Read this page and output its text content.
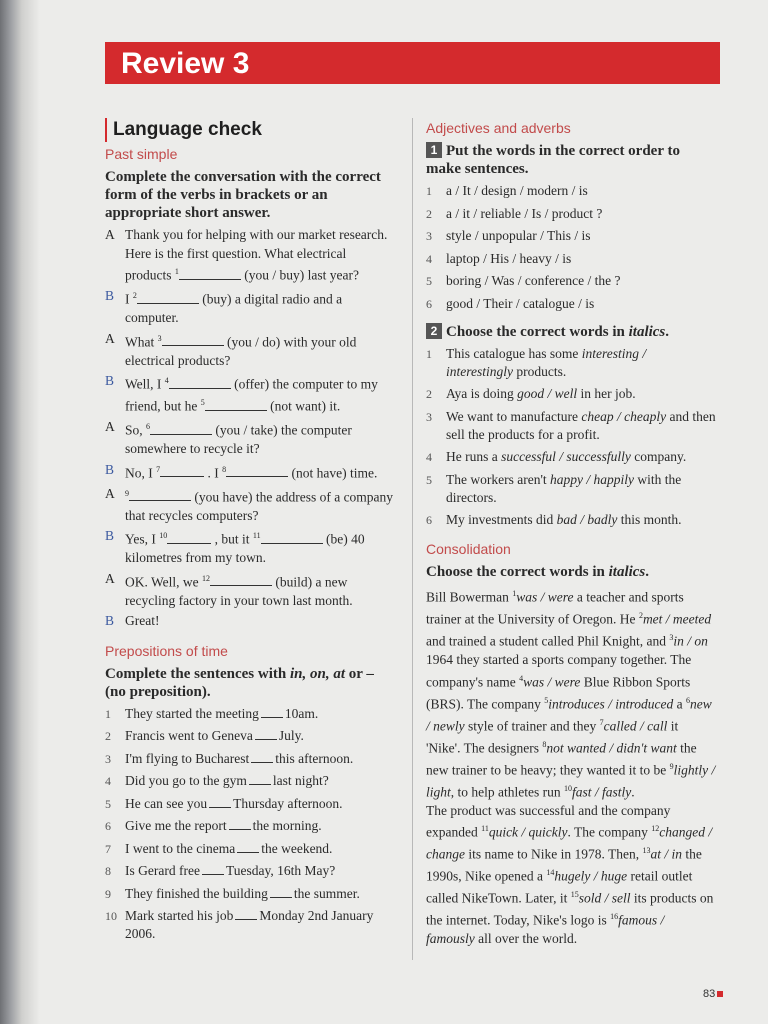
Review 3
Language check
Past simple
Complete the conversation with the correct form of the verbs in brackets or an appropriate short answer.
A Thank you for helping with our market research. Here is the first question. What electrical products $^1$	(you / buy) last year?
B I $^2$	(buy) a digital radio and a computer.
A What $^3$	(you / do) with your old electrical products?
B Well, I $^4$	(offer) the computer to my friend, but he $^5$	(not want) it.
A So, $^6$	(you / take) the computer somewhere to recycle it?
B No, I $^7$	. I $^8$	(not have) time.
A	$^9$	(you have) the address of a company that recycles computers?
B Yes, I $^{10}$	, but it $^{11}$	(be) 40 kilometres from my town.
A OK. Well, we $^{12}$	(build) a new recycling factory in your town last month.
B Great!
Prepositions of time
Complete the sentences with in, on, at or – (no preposition).
1	They started the meeting 10am.
2	Francis went to Geneva July.
3	I'm flying to Bucharest this afternoon.
4	Did you go to the gym last night?
5	He can see you Thursday afternoon.
6	Give me the report the morning.
7	I went to the cinema the weekend.
8	Is Gerard free Tuesday, 16th May?
9	They finished the building the summer.
10 Mark started his job Monday 2nd January 2006.
Adjectives and adverbs
1 Put the words in the correct order to make sentences.
1	a / It / design / modern / is
2	a / it / reliable / Is / product ?
3	style / unpopular / This / is
4	laptop / His / heavy / is
5	boring / Was / conference / the ?
6	good / Their / catalogue / is
2 Choose the correct words in italics.
1	This catalogue has some interesting / interestingly products.
2	Aya is doing good / well in her job.
3	We want to manufacture cheap / cheaply and then sell the products for a profit.
4	He runs a successful / successfully company.
5	The workers aren't happy / happily with the directors.
6	My investments did bad / badly this month.
Consolidation
Choose the correct words in italics.
Bill Bowerman $^1$was / were a teacher and sports trainer at the University of Oregon. He $^2$met / meeted and trained a student called Phil Knight, and $^3$in / on 1964 they started a sports company together. The company's name $^4$was / were Blue Ribbon Sports (BRS). The company $^5$introduces / introduced a $^6$new / newly style of trainer and they $^7$called / call it 'Nike'. The designers $^8$not wanted / didn't want the new trainer to be heavy; they wanted it to be $^9$lightly / light, to help athletes run $^{10}$fast / fastly.
The product was successful and the company expanded $^{11}$quick / quickly. The company $^{12}$changed / change its name to Nike in 1978. Then, $^{13}$at / in the 1990s, Nike opened a $^{14}$hugely / huge retail outlet called NikeTown. Later, it $^{15}$sold / sell its products on the internet. Today, Nike's logo is $^{16}$famous / famously all over the world.
83
